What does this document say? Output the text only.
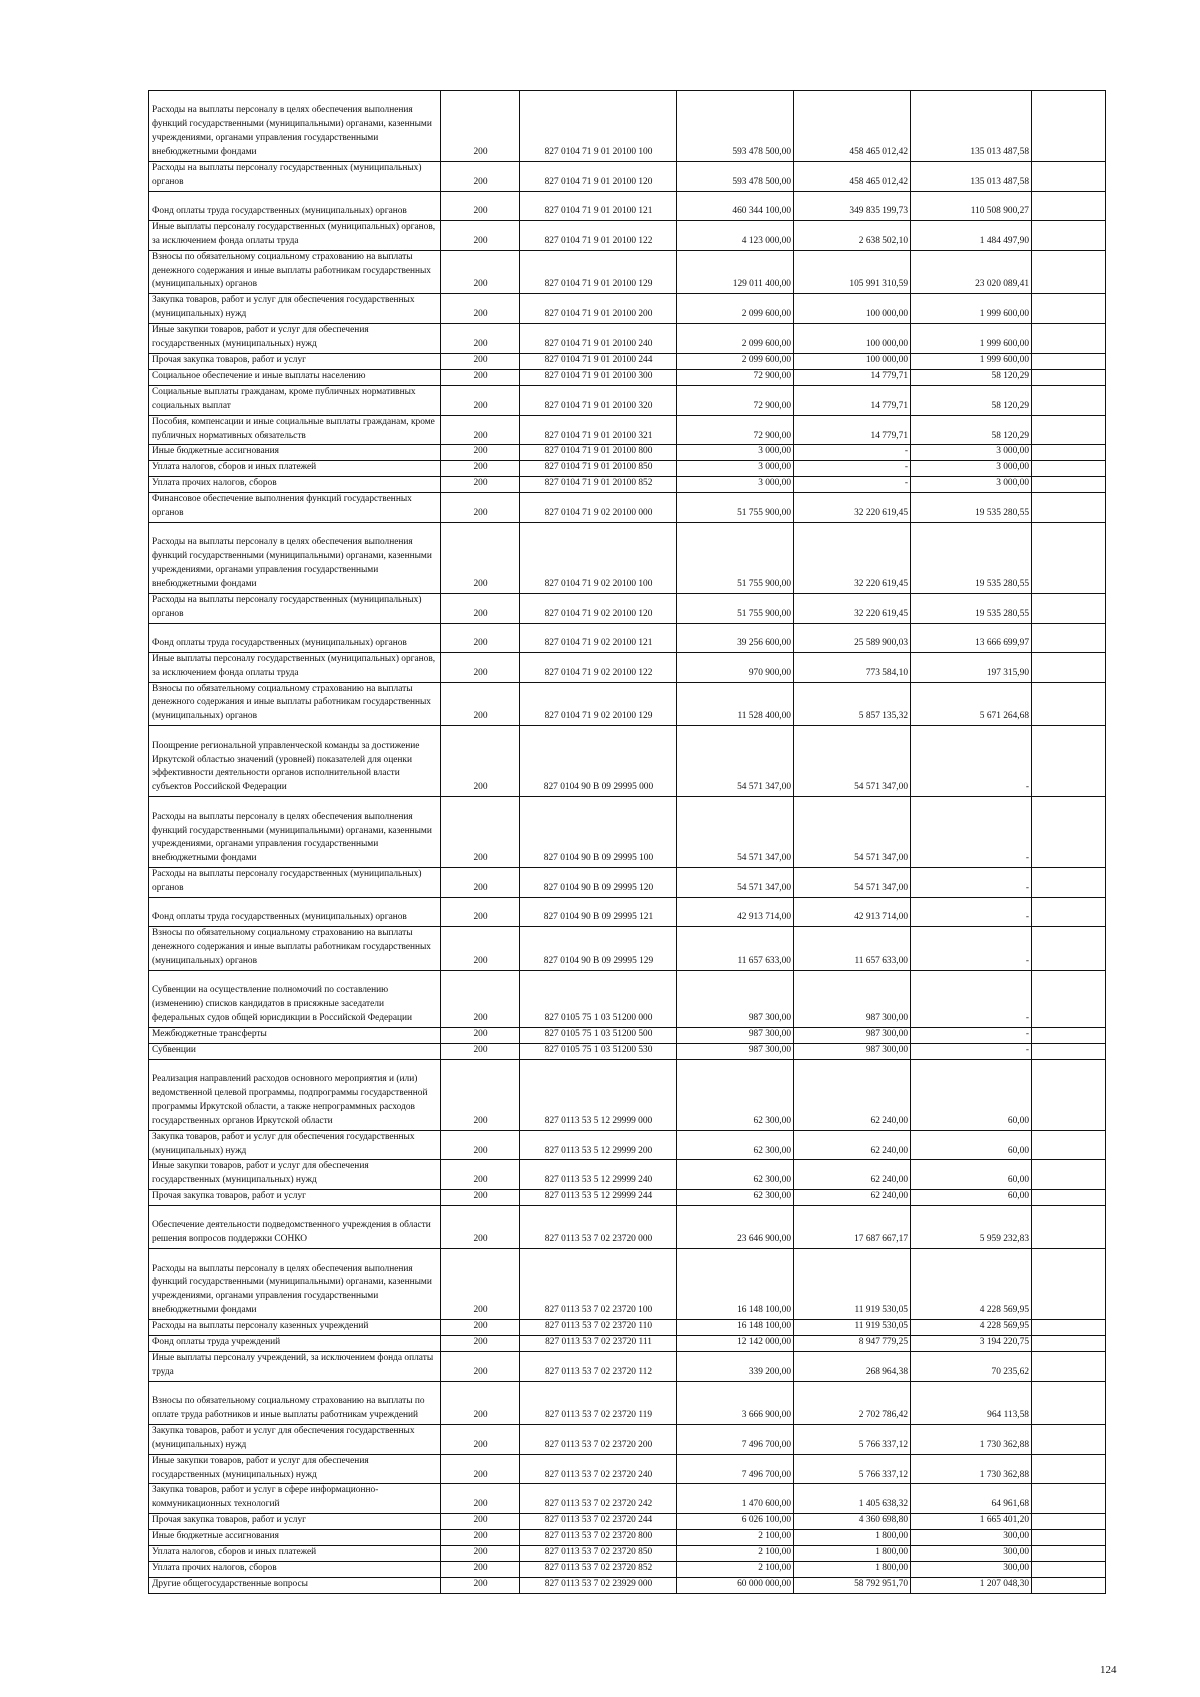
Расходы на выплаты персоналу в целях обеспечения выполнения функций государственными (муниципальными) органами, казенными учреждениями, органами управления государственными внебюджетными фондами	200	827 0104 71 9 01 20100 100	593 478 500,00	458 465 012,42	135 013 487,58	
Расходы на выплаты персоналу государственных (муниципальных) органов	200	827 0104 71 9 01 20100 120	593 478 500,00	458 465 012,42	135 013 487,58	
Фонд оплаты труда государственных (муниципальных) органов	200	827 0104 71 9 01 20100 121	460 344 100,00	349 835 199,73	110 508 900,27	
Иные выплаты персоналу государственных (муниципальных) органов, за исключением фонда оплаты труда	200	827 0104 71 9 01 20100 122	4 123 000,00	2 638 502,10	1 484 497,90	
Взносы по обязательному социальному страхованию на выплаты денежного содержания и иные выплаты работникам государственных (муниципальных) органов	200	827 0104 71 9 01 20100 129	129 011 400,00	105 991 310,59	23 020 089,41	
Закупка товаров, работ и услуг для обеспечения государственных (муниципальных) нужд	200	827 0104 71 9 01 20100 200	2 099 600,00	100 000,00	1 999 600,00	
Иные закупки товаров, работ и услуг для обеспечения государственных (муниципальных) нужд	200	827 0104 71 9 01 20100 240	2 099 600,00	100 000,00	1 999 600,00	
Прочая закупка товаров, работ и услуг	200	827 0104 71 9 01 20100 244	2 099 600,00	100 000,00	1 999 600,00	
Социальное обеспечение и иные выплаты населению	200	827 0104 71 9 01 20100 300	72 900,00	14 779,71	58 120,29	
Социальные выплаты гражданам, кроме публичных нормативных социальных выплат	200	827 0104 71 9 01 20100 320	72 900,00	14 779,71	58 120,29	
Пособия, компенсации и иные социальные выплаты гражданам, кроме публичных нормативных обязательств	200	827 0104 71 9 01 20100 321	72 900,00	14 779,71	58 120,29	
Иные бюджетные ассигнования	200	827 0104 71 9 01 20100 800	3 000,00	-	3 000,00	
Уплата налогов, сборов и иных платежей	200	827 0104 71 9 01 20100 850	3 000,00	-	3 000,00	
Уплата прочих налогов, сборов	200	827 0104 71 9 01 20100 852	3 000,00	-	3 000,00	
Финансовое обеспечение выполнения функций государственных органов	200	827 0104 71 9 02 20100 000	51 755 900,00	32 220 619,45	19 535 280,55	
Расходы на выплаты персоналу в целях обеспечения выполнения функций государственными (муниципальными) органами, казенными учреждениями, органами управления государственными внебюджетными фондами	200	827 0104 71 9 02 20100 100	51 755 900,00	32 220 619,45	19 535 280,55	
Расходы на выплаты персоналу государственных (муниципальных) органов	200	827 0104 71 9 02 20100 120	51 755 900,00	32 220 619,45	19 535 280,55	
Фонд оплаты труда государственных (муниципальных) органов	200	827 0104 71 9 02 20100 121	39 256 600,00	25 589 900,03	13 666 699,97	
Иные выплаты персоналу государственных (муниципальных) органов, за исключением фонда оплаты труда	200	827 0104 71 9 02 20100 122	970 900,00	773 584,10	197 315,90	
Взносы по обязательному социальному страхованию на выплаты денежного содержания и иные выплаты работникам государственных (муниципальных) органов	200	827 0104 71 9 02 20100 129	11 528 400,00	5 857 135,32	5 671 264,68	
Поощрение региональной управленческой команды за достижение Иркутской областью значений (уровней) показателей для оценки эффективности деятельности органов исполнительной власти субъектов Российской Федерации	200	827 0104 90 В 09 29995 000	54 571 347,00	54 571 347,00	-	
Расходы на выплаты персоналу в целях обеспечения выполнения функций государственными (муниципальными) органами, казенными учреждениями, органами управления государственными внебюджетными фондами	200	827 0104 90 В 09 29995 100	54 571 347,00	54 571 347,00	-	
Расходы на выплаты персоналу государственных (муниципальных) органов	200	827 0104 90 В 09 29995 120	54 571 347,00	54 571 347,00	-	
Фонд оплаты труда государственных (муниципальных) органов	200	827 0104 90 В 09 29995 121	42 913 714,00	42 913 714,00	-	
Взносы по обязательному социальному страхованию на выплаты денежного содержания и иные выплаты работникам государственных (муниципальных) органов	200	827 0104 90 В 09 29995 129	11 657 633,00	11 657 633,00	-	
Субвенции на осуществление полномочий по составлению (изменению) списков кандидатов в присяжные заседатели федеральных судов общей юрисдикции в Российской Федерации	200	827 0105 75 1 03 51200 000	987 300,00	987 300,00	-	
Межбюджетные трансферты	200	827 0105 75 1 03 51200 500	987 300,00	987 300,00	-	
Субвенции	200	827 0105 75 1 03 51200 530	987 300,00	987 300,00	-	
Реализация направлений расходов основного мероприятия и (или) ведомственной целевой программы, подпрограммы государственной программы Иркутской области, а также непрограммных расходов государственных органов Иркутской области	200	827 0113 53 5 12 29999 000	62 300,00	62 240,00	60,00	
Закупка товаров, работ и услуг для обеспечения государственных (муниципальных) нужд	200	827 0113 53 5 12 29999 200	62 300,00	62 240,00	60,00	
Иные закупки товаров, работ и услуг для обеспечения государственных (муниципальных) нужд	200	827 0113 53 5 12 29999 240	62 300,00	62 240,00	60,00	
Прочая закупка товаров, работ и услуг	200	827 0113 53 5 12 29999 244	62 300,00	62 240,00	60,00	
Обеспечение деятельности подведомственного учреждения в области решения вопросов поддержки СОНКО	200	827 0113 53 7 02 23720 000	23 646 900,00	17 687 667,17	5 959 232,83	
Расходы на выплаты персоналу в целях обеспечения выполнения функций государственными (муниципальными) органами, казенными учреждениями, органами управления государственными внебюджетными фондами	200	827 0113 53 7 02 23720 100	16 148 100,00	11 919 530,05	4 228 569,95	
Расходы на выплаты персоналу казенных учреждений	200	827 0113 53 7 02 23720 110	16 148 100,00	11 919 530,05	4 228 569,95	
Фонд оплаты труда учреждений	200	827 0113 53 7 02 23720 111	12 142 000,00	8 947 779,25	3 194 220,75	
Иные выплаты персоналу учреждений, за исключением фонда оплаты труда	200	827 0113 53 7 02 23720 112	339 200,00	268 964,38	70 235,62	
Взносы по обязательному социальному страхованию на выплаты по оплате труда работников и иные выплаты работникам учреждений	200	827 0113 53 7 02 23720 119	3 666 900,00	2 702 786,42	964 113,58	
Закупка товаров, работ и услуг для обеспечения государственных (муниципальных) нужд	200	827 0113 53 7 02 23720 200	7 496 700,00	5 766 337,12	1 730 362,88	
Иные закупки товаров, работ и услуг для обеспечения государственных (муниципальных) нужд	200	827 0113 53 7 02 23720 240	7 496 700,00	5 766 337,12	1 730 362,88	
Закупка товаров, работ и услуг в сфере информационно-коммуникационных технологий	200	827 0113 53 7 02 23720 242	1 470 600,00	1 405 638,32	64 961,68	
Прочая закупка товаров, работ и услуг	200	827 0113 53 7 02 23720 244	6 026 100,00	4 360 698,80	1 665 401,20	
Иные бюджетные ассигнования	200	827 0113 53 7 02 23720 800	2 100,00	1 800,00	300,00	
Уплата налогов, сборов и иных платежей	200	827 0113 53 7 02 23720 850	2 100,00	1 800,00	300,00	
Уплата прочих налогов, сборов	200	827 0113 53 7 02 23720 852	2 100,00	1 800,00	300,00	
Другие общегосударственные вопросы	200	827 0113 53 7 02 23929 000	60 000 000,00	58 792 951,70	1 207 048,30	
124
